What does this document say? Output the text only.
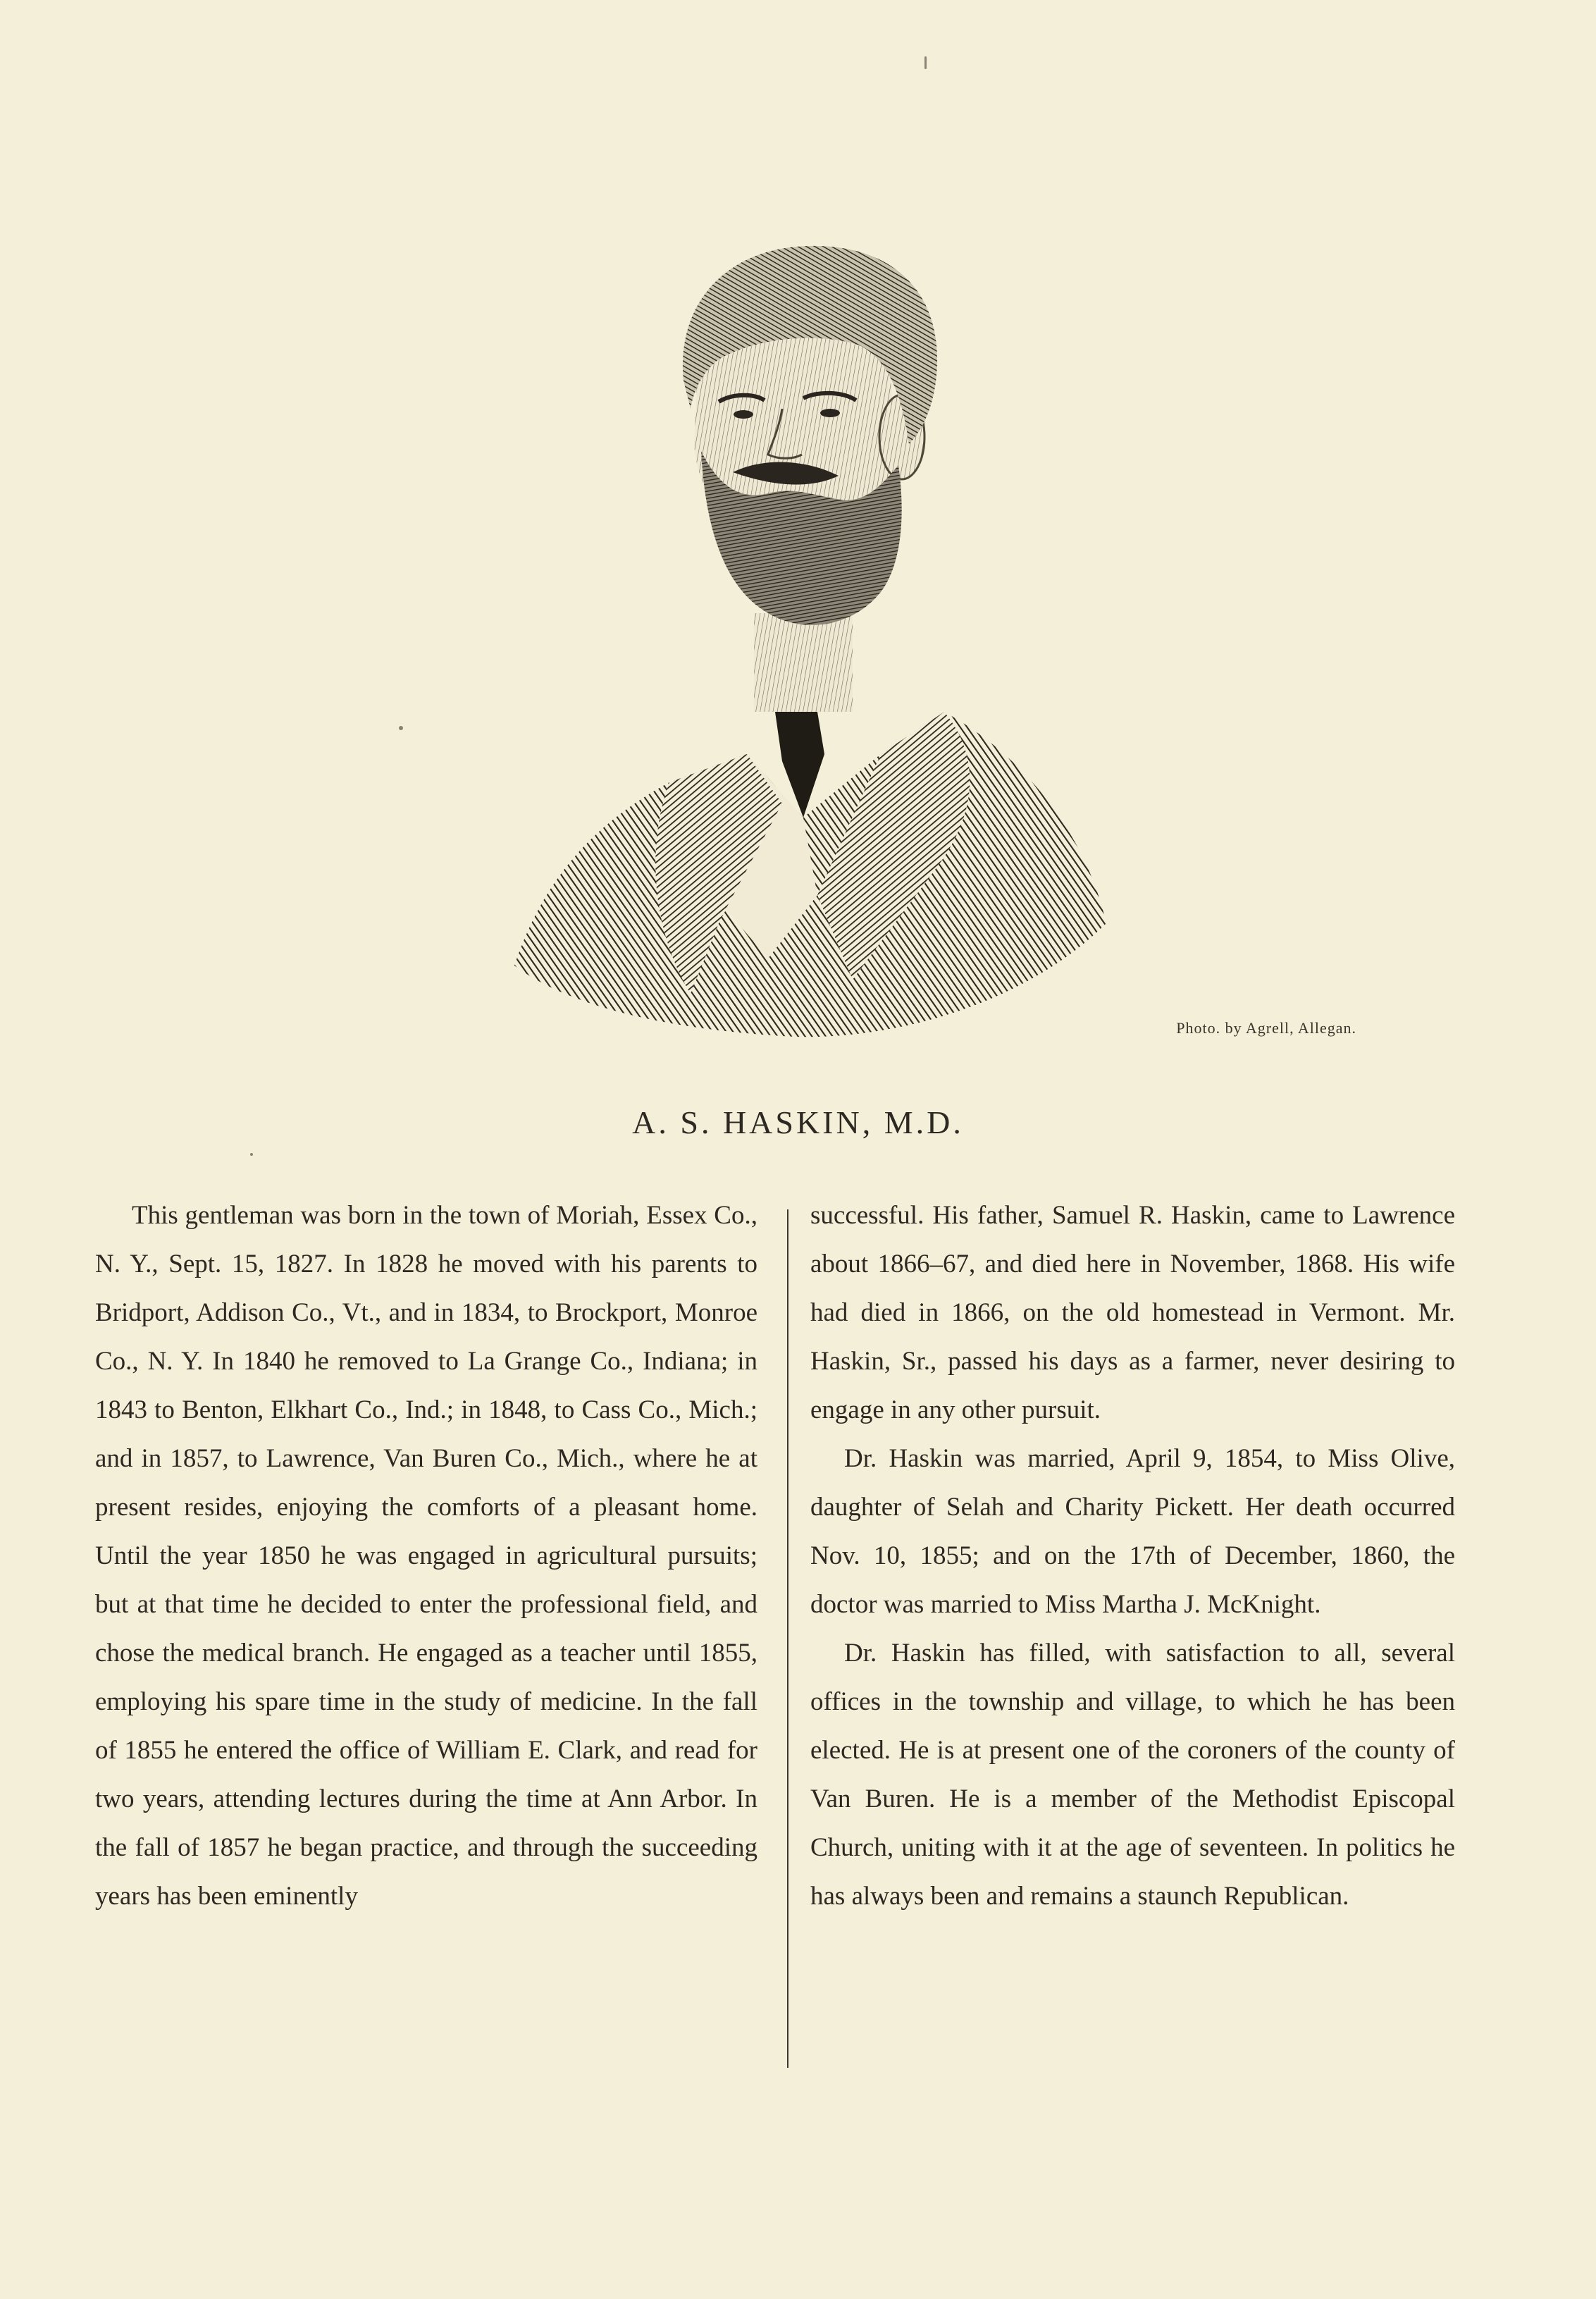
Photo. by Agrell, Allegan.
A. S. HASKIN, M.D.

This gentleman was born in the town of Moriah, Essex Co., N. Y., Sept. 15, 1827. In 1828 he moved with his parents to Bridport, Addison Co., Vt., and in 1834, to Brockport, Monroe Co., N. Y. In 1840 he removed to La Grange Co., Indiana; in 1843 to Benton, Elkhart Co., Ind.; in 1848, to Cass Co., Mich.; and in 1857, to Lawrence, Van Buren Co., Mich., where he at present resides, enjoying the comforts of a pleasant home. Until the year 1850 he was engaged in agricultural pursuits; but at that time he decided to enter the professional field, and chose the medical branch. He engaged as a teacher until 1855, employing his spare time in the study of medicine. In the fall of 1855 he entered the office of William E. Clark, and read for two years, attending lectures during the time at Ann Arbor. In the fall of 1857 he began practice, and through the succeeding years has been eminently

successful. His father, Samuel R. Haskin, came to Lawrence about 1866–67, and died here in November, 1868. His wife had died in 1866, on the old homestead in Vermont. Mr. Haskin, Sr., passed his days as a farmer, never desiring to engage in any other pursuit.

Dr. Haskin was married, April 9, 1854, to Miss Olive, daughter of Selah and Charity Pickett. Her death occurred Nov. 10, 1855; and on the 17th of December, 1860, the doctor was married to Miss Martha J. McKnight.

Dr. Haskin has filled, with satisfaction to all, several offices in the township and village, to which he has been elected. He is at present one of the coroners of the county of Van Buren. He is a member of the Methodist Episcopal Church, uniting with it at the age of seventeen. In politics he has always been and remains a staunch Republican.
